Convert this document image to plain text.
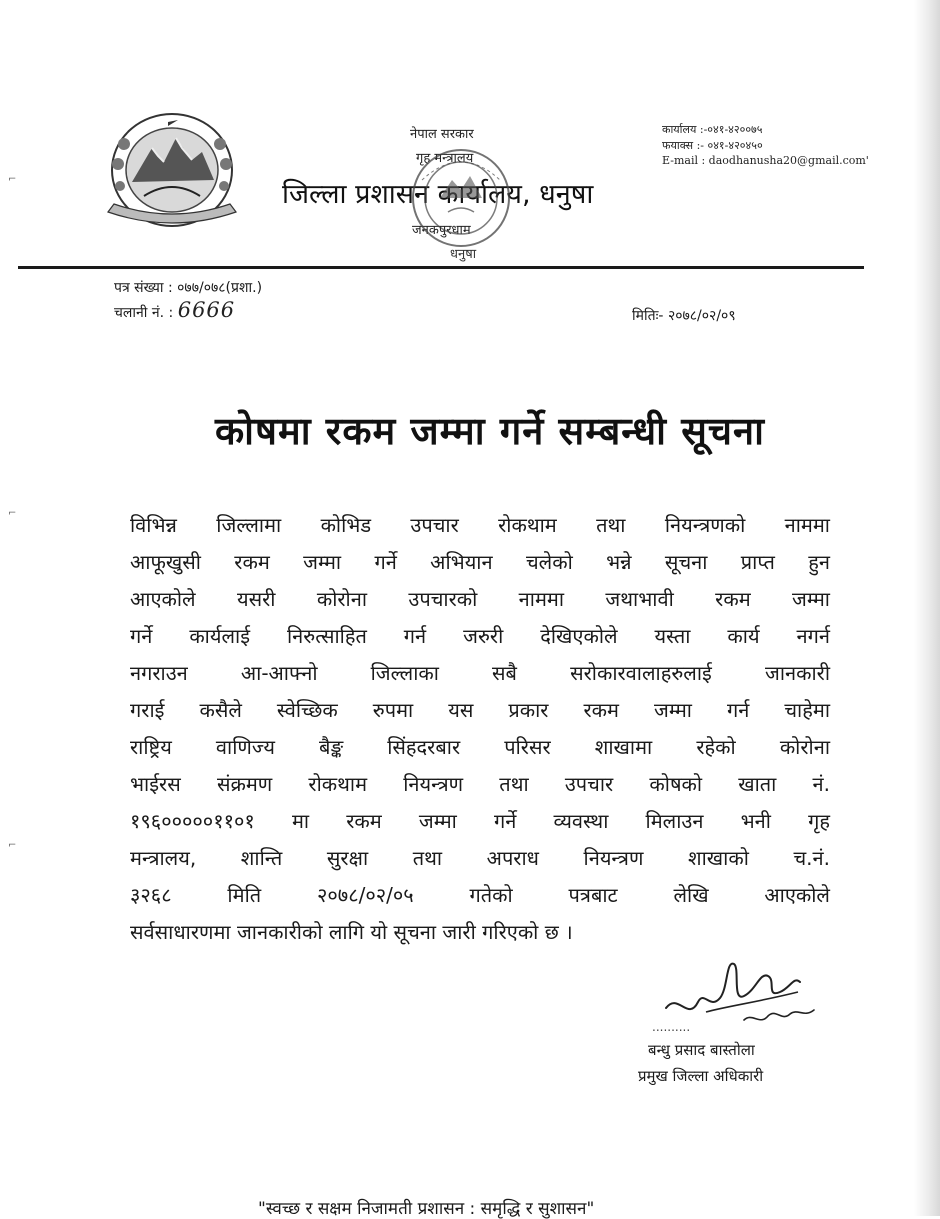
नेपाल सरकार
गृह मन्त्रालय
जिल्ला प्रशासन कार्यालय, धनुषा
जनकपुरधाम
धनुषा
कार्यालय :-०४१-४२००७५
फयाक्स :- ०४१-४२०४५०
E-mail : daodhanusha20@gmail.com'
पत्र संख्या : ०७७/०७८(प्रशा.)
चलानी नं. : 6666	मितिः- २०७८/०२/०९
कोषमा रकम जम्मा गर्ने सम्बन्धी सूचना
विभिन्न जिल्लामा कोभिड उपचार रोकथाम तथा नियन्त्रणको नाममा
आफूखुसी रकम जम्मा गर्ने अभियान चलेको भन्ने सूचना प्राप्त हुन
आएकोले यसरी कोरोना उपचारको नाममा जथाभावी रकम जम्मा
गर्ने कार्यलाई निरुत्साहित गर्न जरुरी देखिएकोले यस्ता कार्य नगर्न
नगराउन आ-आफ्नो जिल्लाका सबै सरोकारवालाहरुलाई जानकारी
गराई कसैले स्वेच्छिक रुपमा यस प्रकार रकम जम्मा गर्न चाहेमा
राष्ट्रिय वाणिज्य बैङ्क सिंहदरबार परिसर शाखामा रहेको कोरोना
भाईरस संक्रमण रोकथाम नियन्त्रण तथा उपचार कोषको खाता नं.
१९६०००००११०१ मा रकम जम्मा गर्ने व्यवस्था मिलाउन भनी गृह
मन्त्रालय, शान्ति सुरक्षा तथा अपराध नियन्त्रण शाखाको च.नं.
३२६८ मिति २०७८/०२/०५ गतेको पत्रबाट लेखि आएकोले
सर्वसाधारणमा जानकारीको लागि यो सूचना जारी गरिएको छ ।
..........
बन्धु प्रसाद बास्तोला
प्रमुख जिल्ला अधिकारी
"स्वच्छ र सक्षम निजामती प्रशासन : समृद्धि र सुशासन"
⌐
⌐
⌐
